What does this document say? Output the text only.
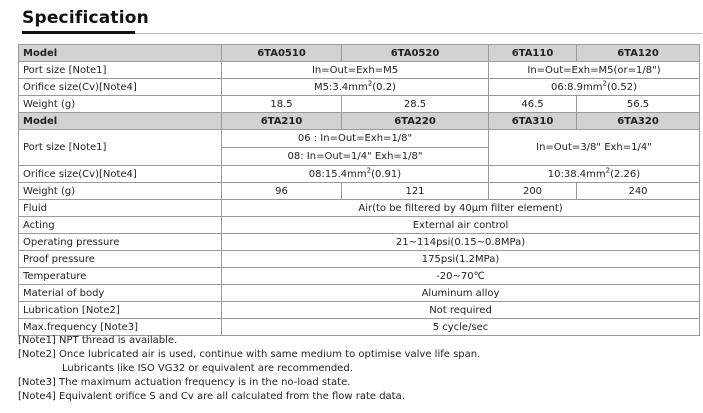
Specification
Model	6TA0510	6TA0520	6TA110	6TA120
Port size [Note1]	In=Out=Exh=M5		In=Out=Exh=M5(or=1/8")	
Orifice size(Cv)[Note4]	$M5:3.4mm^2(0.2)$		$06:8.9mm^2(0.52)$	
Weight (g)	18.5	28.5	46.5	56.5
Model	6TA210	6TA220	6TA310	6TA320
Port size [Note1]	06 : In=Out=Exh=1/8"		In=Out=3/8" Exh=1/4"	
	08: In=Out=1/4" Exh=1/8"			
Orifice size(Cv)[Note4]	$08:15.4mm^2(0.91)$		$10:38.4mm^2(2.26)$	
Weight (g)	96	121	200	240
Fluid	Air(to be filtered by 40μm filter element)			
Acting	External air control			
Operating pressure	21~114psi(0.15~0.8MPa)			
Proof pressure	175psi(1.2MPa)			
Temperature	-20~70℃			
Material of body	Aluminum alloy			
Lubrication [Note2]	Not required			
Max.frequency [Note3]	5 cycle/sec			
[Note1] NPT thread is available.
[Note2] Once lubricated air is used, continue with same medium to optimise valve life span.
Lubricants like ISO VG32 or equivalent are recommended.
[Note3] The maximum actuation frequency is in the no-load state.
[Note4] Equivalent orifice S and Cv are all calculated from the flow rate data.
